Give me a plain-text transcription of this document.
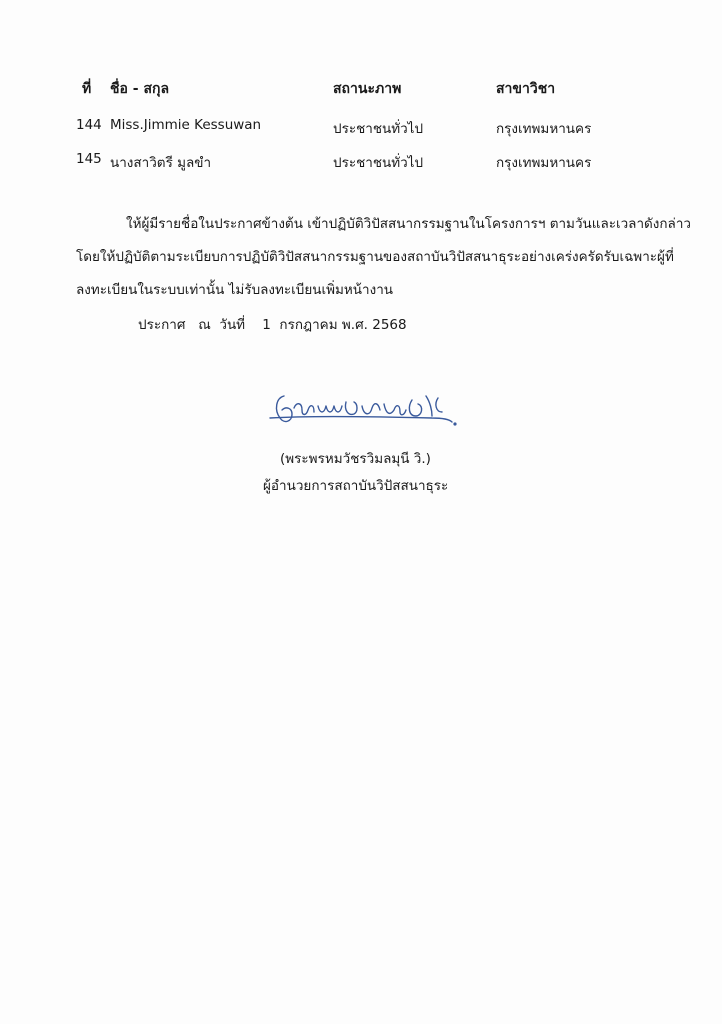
ที่ ชื่อ - สกุล	สถานะภาพ	สาขาวิชา
144 Miss.Jimmie Kessuwan	ประชาชนทั่วไป	กรุงเทพมหานคร
145 นางสาวิตรี มูลขำ	ประชาชนทั่วไป	กรุงเทพมหานคร
ให้ผู้มีรายชื่อในประกาศข้างต้น เข้าปฏิบัติวิปัสสนากรรมฐานในโครงการฯ ตามวันและเวลาดังกล่าว
โดยให้ปฏิบัติตามระเบียบการปฏิบัติวิปัสสนากรรมฐานของสถาบันวิปัสสนาธุระอย่างเคร่งครัดรับเฉพาะผู้ที่
ลงทะเบียนในระบบเท่านั้น ไม่รับลงทะเบียนเพิ่มหน้างาน
ประกาศ   ณ  วันที่    1  กรกฎาคม พ.ศ. 2568
(พระพรหมวัชรวิมลมุนี วิ.)
ผู้อำนวยการสถาบันวิปัสสนาธุระ
